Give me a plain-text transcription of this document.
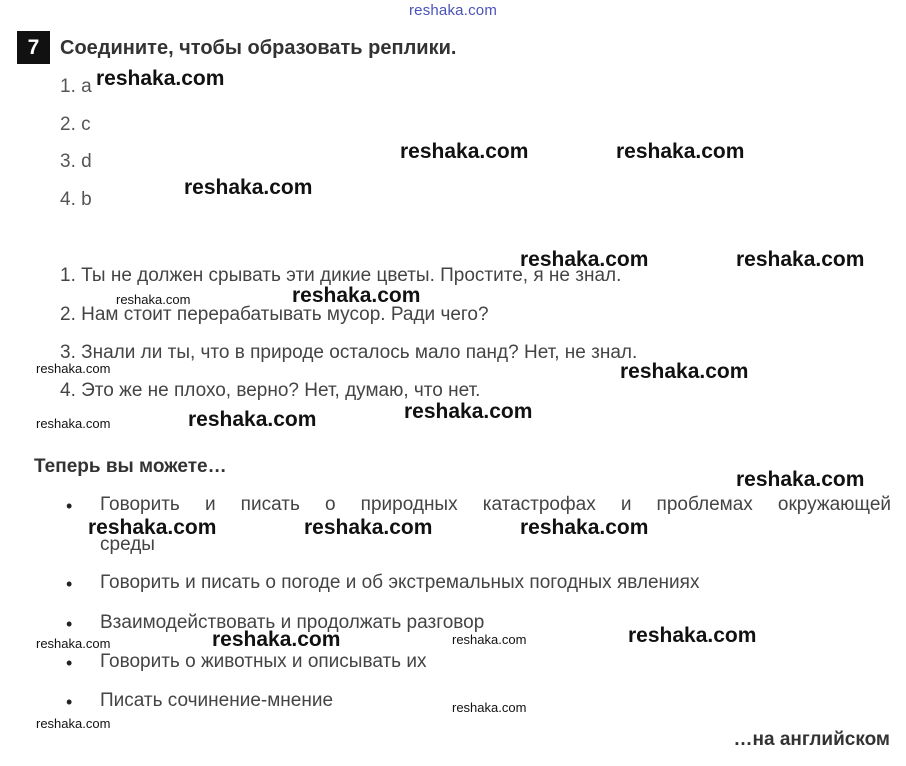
reshaka.com
7	Соедините, чтобы образовать реплики.
1. a
2. c
3. d
4. b
1. Ты не должен срывать эти дикие цветы. Простите, я не знал.
2. Нам стоит перерабатывать мусор. Ради чего?
3. Знали ли ты, что в природе осталось мало панд? Нет, не знал.
4. Это же не плохо, верно? Нет, думаю, что нет.
Теперь вы можете…
• Говорить и писать о природных катастрофах и проблемах окружающей
среды
• Говорить и писать о погоде и об экстремальных погодных явлениях
• Взаимодействовать и продолжать разговор
• Говорить о животных и описывать их
• Писать сочинение-мнение
…на английском
reshaka.com
reshaka.com	reshaka.com
reshaka.com
reshaka.com	reshaka.com
reshaka.com
reshaka.com
reshaka.com	reshaka.com
reshaka.com
reshaka.com
reshaka.com
reshaka.com
reshaka.com	reshaka.com	reshaka.com
reshaka.com	reshaka.com
reshaka.com
reshaka.com
reshaka.com
reshaka.com
